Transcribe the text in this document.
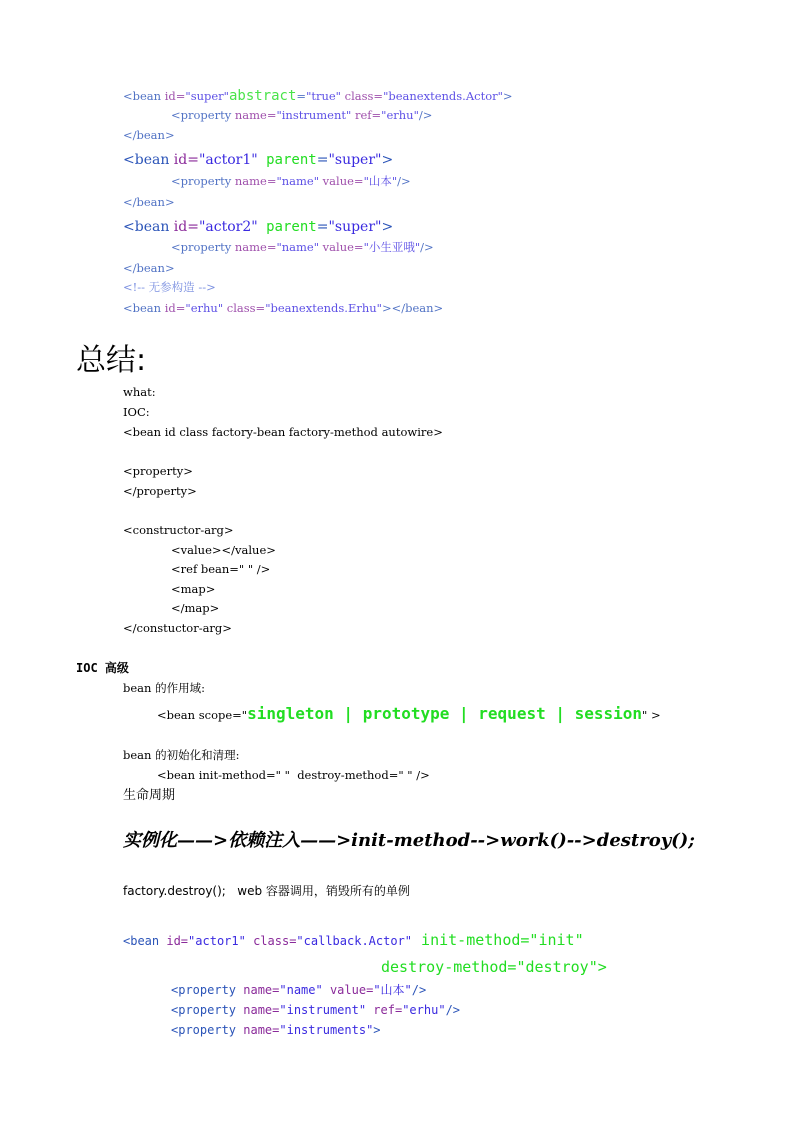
<bean id="super"abstract="true" class="beanextends.Actor">
<property name="instrument" ref="erhu"/>
</bean>
<bean id="actor1" parent="super">
<property name="name" value="山本"/>
</bean>
<bean id="actor2" parent="super">
<property name="name" value="小生亚哦"/>
</bean>
<!-- 无参构造 -->
<bean id="erhu" class="beanextends.Erhu"></bean>
总结:
what:
IOC:
<bean id class factory-bean factory-method autowire>
<property>
</property>
<constructor-arg>
<value></value>
<ref bean=" " />
<map>
</map>
</constuctor-arg>
IOC 高级
bean 的作用域:
<bean scope="singleton | prototype | request | session" >
bean 的初始化和清理:
<bean init-method=" "  destroy-method=" " />
生命周期
实例化——>依赖注入——>init-method-->work()-->destroy();
factory.destroy();   web 容器调用，销毁所有的单例
<bean id="actor1" class="callback.Actor" init-method="init"
destroy-method="destroy">
<property name="name" value="山本"/>
<property name="instrument" ref="erhu"/>
<property name="instruments">
